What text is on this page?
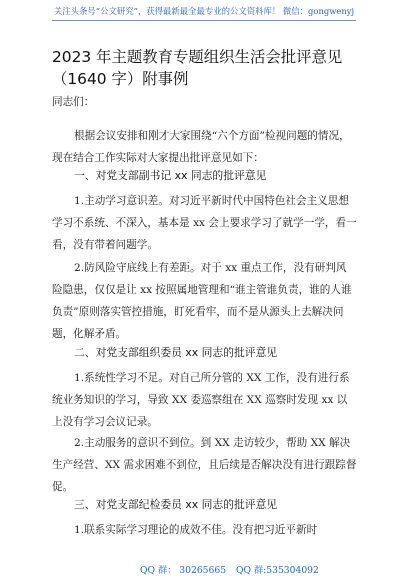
关注头条号“公文研究”，获得最新最全最专业的公文资料库！ 微信：gongwenyj
2023 年主题教育专题组织生活会批评意见（1640 字）附事例
同志们：
根据会议安排和刚才大家围绕“六个方面”检视问题的情况，现在结合工作实际对大家提出批评意见如下：
一、对党支部副书记 xx 同志的批评意见
1.主动学习意识差。对习近平新时代中国特色社会主义思想学习不系统、不深入，基本是 xx 会上要求学习了就学一学，看一看，没有带着问题学。
2.防风险守底线上有差距。对于 xx 重点工作，没有研判风险隐患，仅仅是让 xx 按照属地管理和“谁主管谁负责，谁的人谁负责”原则落实管控措施，盯死看牢，而不是从源头上去解决问题，化解矛盾。
二、对党支部组织委员 xx 同志的批评意见
1.系统性学习不足。对自己所分管的 XX 工作，没有进行系统业务知识的学习，导致 XX 委巡察组在 XX 巡察时发现 xx 以上没有学习会议记录。
2.主动服务的意识不到位。到 XX 走访较少，帮助 XX 解决生产经营、XX 需求困难不到位，且后续是否解决没有进行跟踪督促。
三、对党支部纪检委员 xx 同志的批评意见
1.联系实际学习理论的成效不佳。没有把习近平新时
QQ 群： 30265665 QQ 群:535304092
